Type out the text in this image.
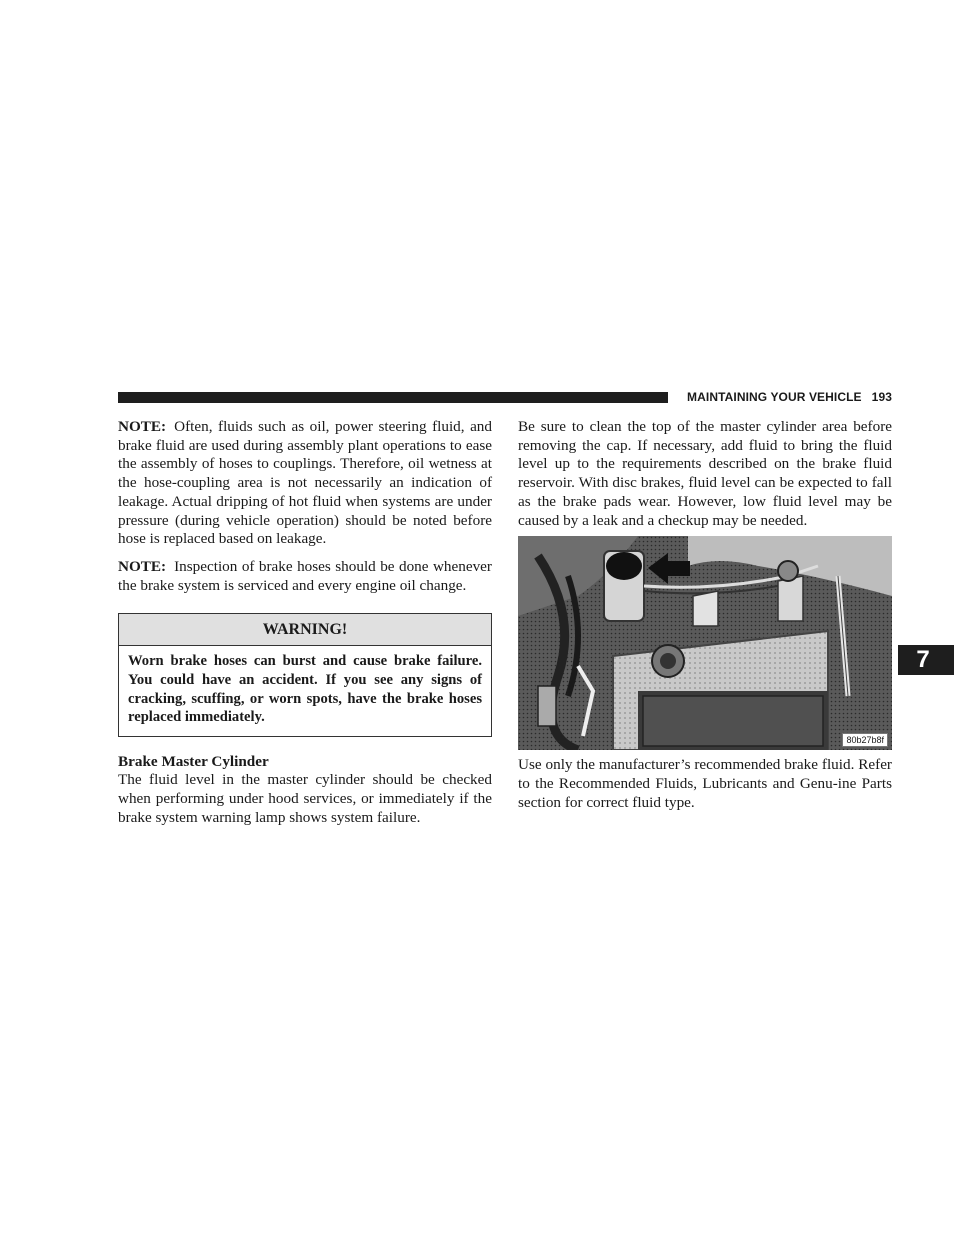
MAINTAINING YOUR VEHICLE 193

NOTE: Often, fluids such as oil, power steering fluid, and brake fluid are used during assembly plant operations to ease the assembly of hoses to couplings. Therefore, oil wetness at the hose-coupling area is not necessarily an indication of leakage. Actual dripping of hot fluid when systems are under pressure (during vehicle operation) should be noted before hose is replaced based on leakage.

NOTE: Inspection of brake hoses should be done whenever the brake system is serviced and every engine oil change.

WARNING!
Worn brake hoses can burst and cause brake failure. You could have an accident. If you see any signs of cracking, scuffing, or worn spots, have the brake hoses replaced immediately.

Brake Master Cylinder

The fluid level in the master cylinder should be checked when performing under hood services, or immediately if the brake system warning lamp shows system failure.

Be sure to clean the top of the master cylinder area before removing the cap. If necessary, add fluid to bring the fluid level up to the requirements described on the brake fluid reservoir. With disc brakes, fluid level can be expected to fall as the brake pads wear. However, low fluid level may be caused by a leak and a checkup may be needed.

80b27b8f

Use only the manufacturer’s recommended brake fluid. Refer to the Recommended Fluids, Lubricants and Genu-ine Parts section for correct fluid type.

7
